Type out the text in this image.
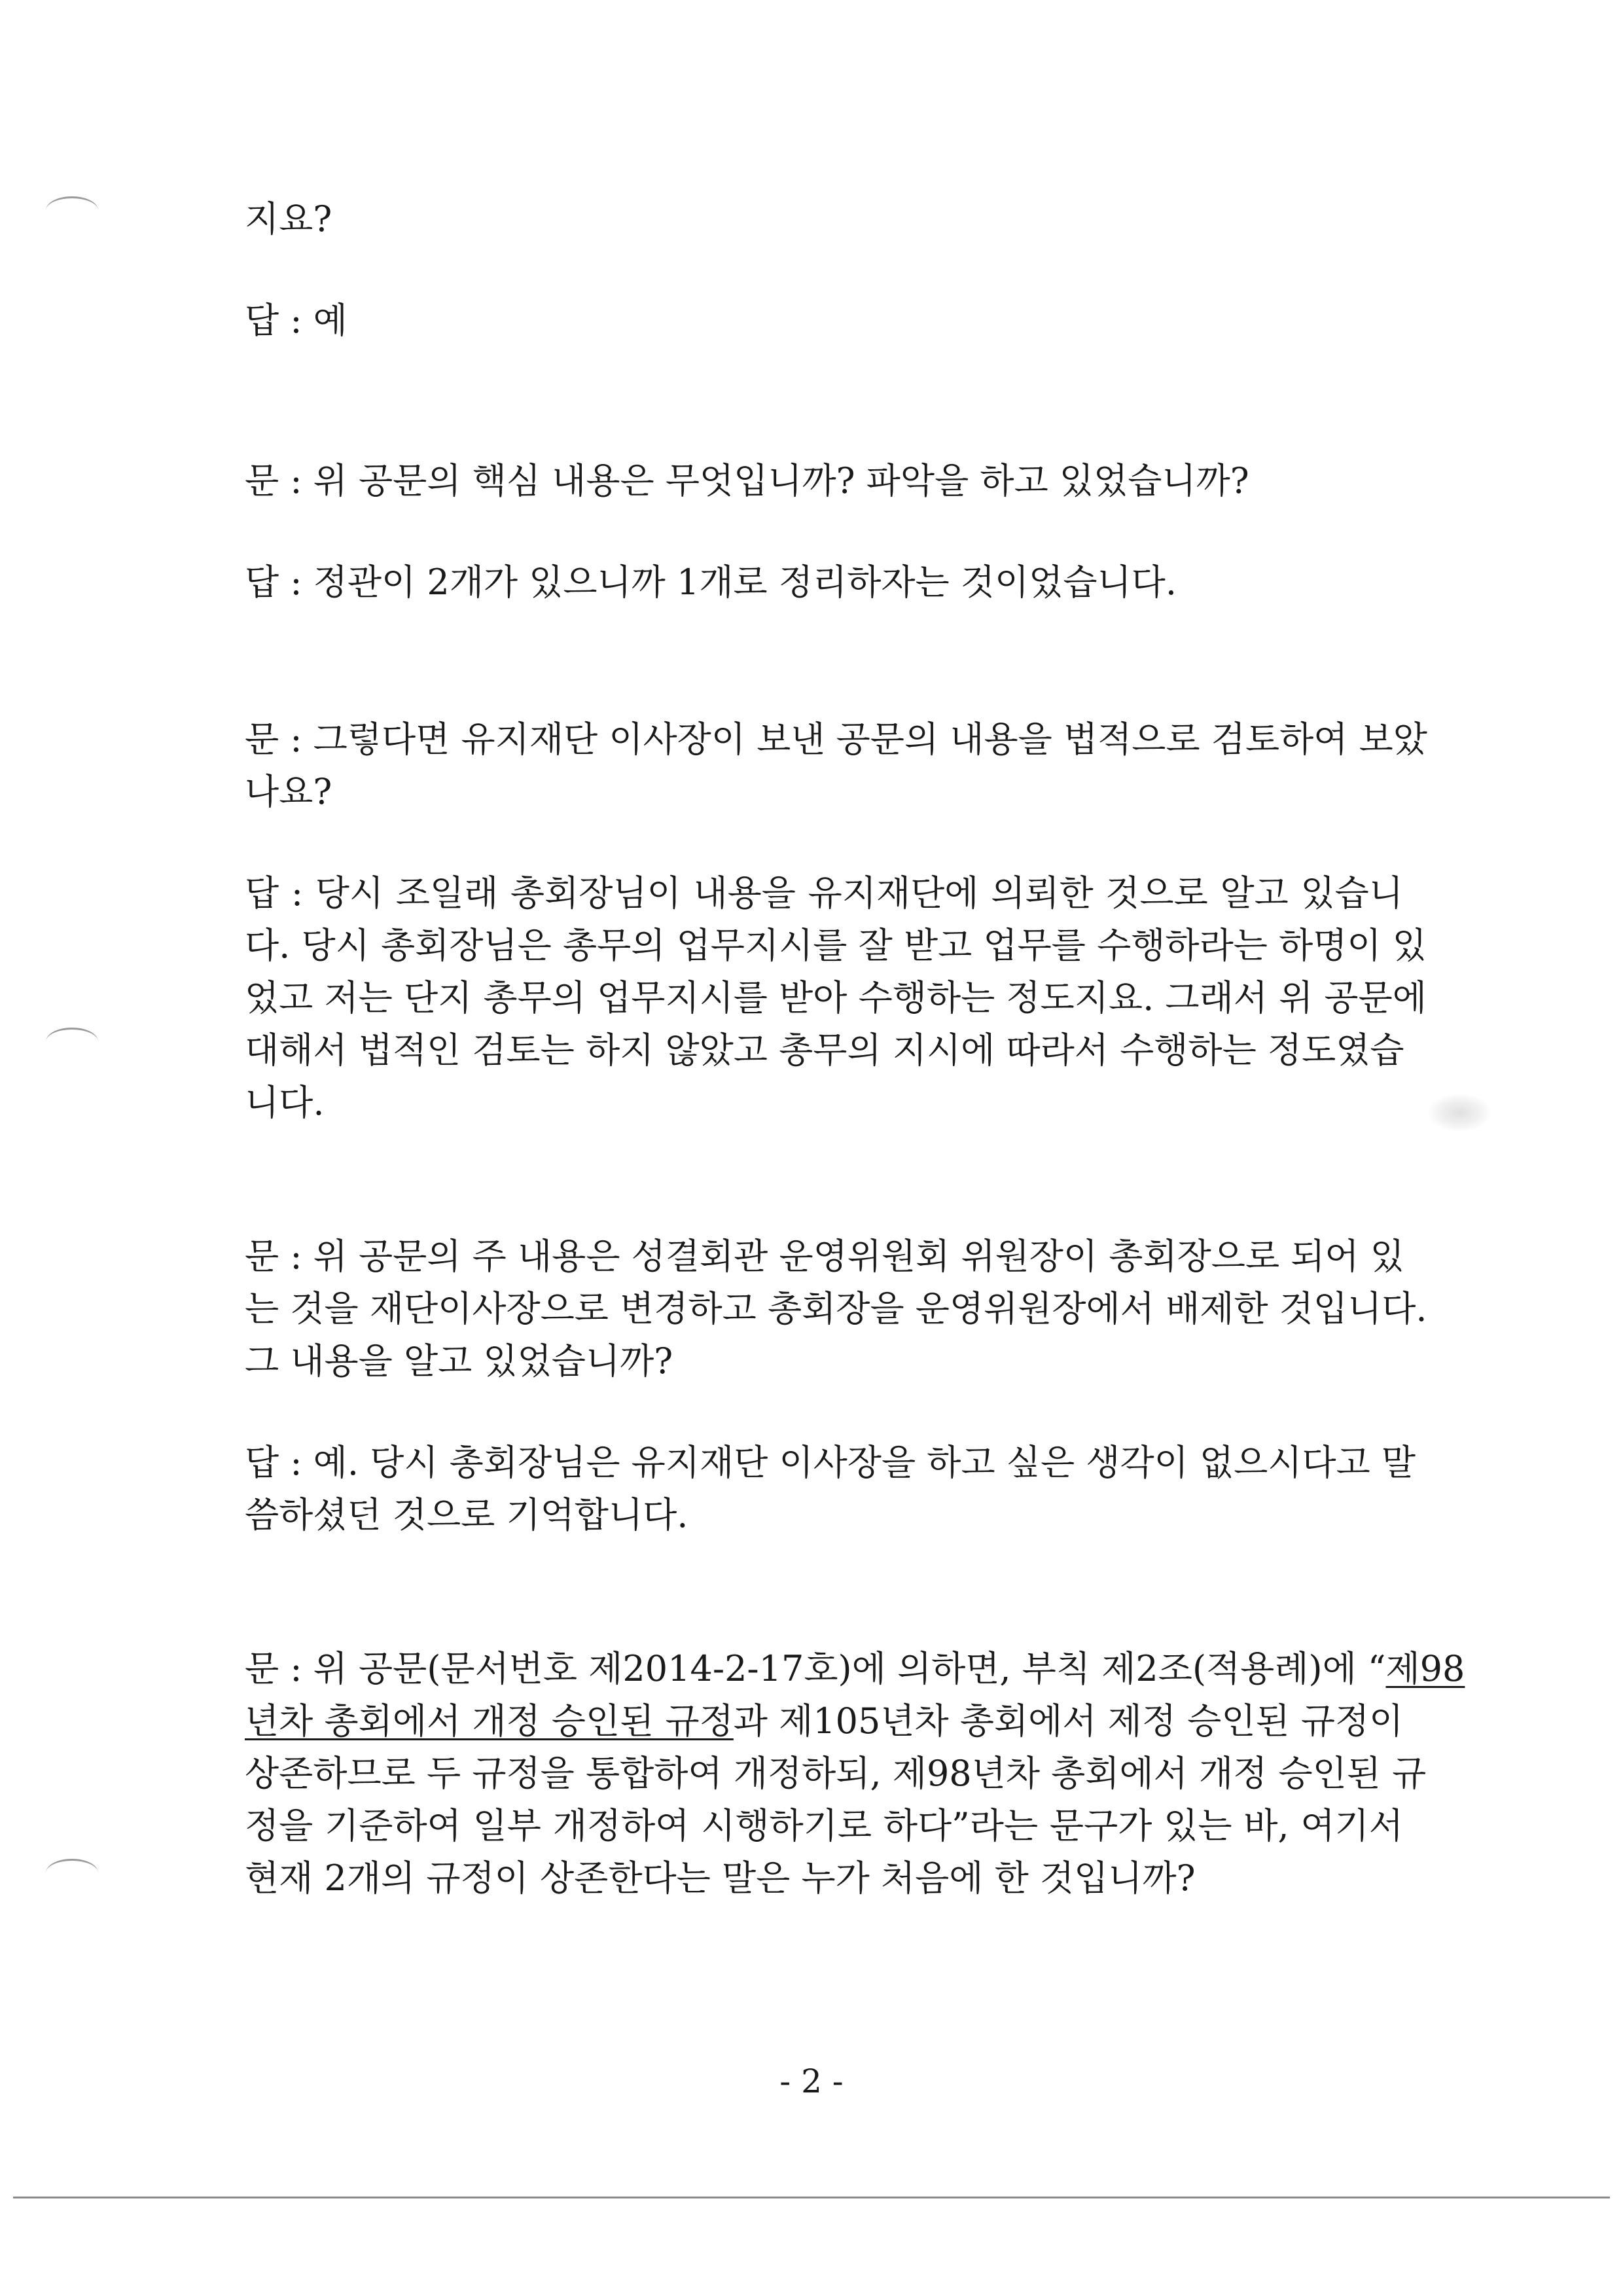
지요?

답 : 예

문 : 위 공문의 핵심 내용은 무엇입니까? 파악을 하고 있었습니까?

답 : 정관이 2개가 있으니까 1개로 정리하자는 것이었습니다.

문 : 그렇다면 유지재단 이사장이 보낸 공문의 내용을 법적으로 검토하여 보았

나요?

답 : 당시 조일래 총회장님이 내용을 유지재단에 의뢰한 것으로 알고 있습니

다. 당시 총회장님은 총무의 업무지시를 잘 받고 업무를 수행하라는 하명이 있

었고 저는 단지 총무의 업무지시를 받아 수행하는 정도지요. 그래서 위 공문에

대해서 법적인 검토는 하지 않았고 총무의 지시에 따라서 수행하는 정도였습

니다.

문 : 위 공문의 주 내용은 성결회관 운영위원회 위원장이 총회장으로 되어 있

는 것을 재단이사장으로 변경하고 총회장을 운영위원장에서 배제한 것입니다.

그 내용을 알고 있었습니까?

답 : 예. 당시 총회장님은 유지재단 이사장을 하고 싶은 생각이 없으시다고 말

씀하셨던 것으로 기억합니다.

문 : 위 공문(문서번호 제2014-2-17호)에 의하면, 부칙 제2조(적용례)에 “제98

년차 총회에서 개정 승인된 규정과 제105년차 총회에서 제정 승인된 규정이

상존하므로 두 규정을 통합하여 개정하되, 제98년차 총회에서 개정 승인된 규

정을 기준하여 일부 개정하여 시행하기로 하다”라는 문구가 있는 바, 여기서

현재 2개의 규정이 상존한다는 말은 누가 처음에 한 것입니까?

- 2 -
